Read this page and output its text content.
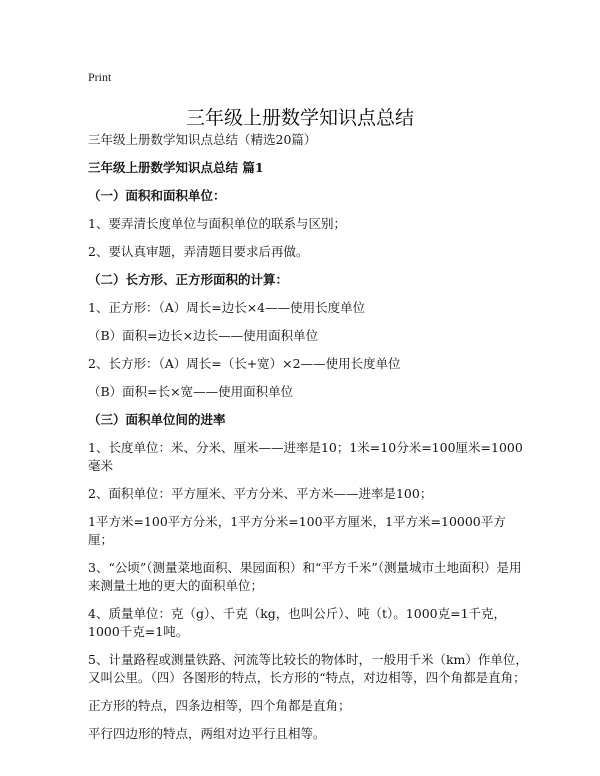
Print
三年级上册数学知识点总结

三年级上册数学知识点总结（精选20篇）

三年级上册数学知识点总结 篇1

（一）面积和面积单位：

1、要弄清长度单位与面积单位的联系与区别；

2、要认真审题，弄清题目要求后再做。

（二）长方形、正方形面积的计算：

1、正方形：（A）周长=边长×4——使用长度单位

（B）面积=边长×边长——使用面积单位

2、长方形：（A）周长=（长+宽）×2——使用长度单位

（B）面积=长×宽——使用面积单位

（三）面积单位间的进率

1、长度单位：米、分米、厘米——进率是10；1米=10分米=100厘米=1000毫米

2、面积单位：平方厘米、平方分米、平方米——进率是100；

1平方米=100平方分米，1平方分米=100平方厘米，1平方米=10000平方厘；

3、“公顷”（测量菜地面积、果园面积）和“平方千米”（测量城市土地面积）是用来测量土地的更大的面积单位；

4、质量单位：克（g）、千克（kg，也叫公斤）、吨（t）。1000克=1千克，1000千克=1吨。

5、计量路程或测量铁路、河流等比较长的物体时，一般用千米（km）作单位，又叫公里。（四）各图形的特点，长方形的“特点，对边相等，四个角都是直角；

正方形的特点，四条边相等，四个角都是直角；

平行四边形的特点，两组对边平行且相等。
